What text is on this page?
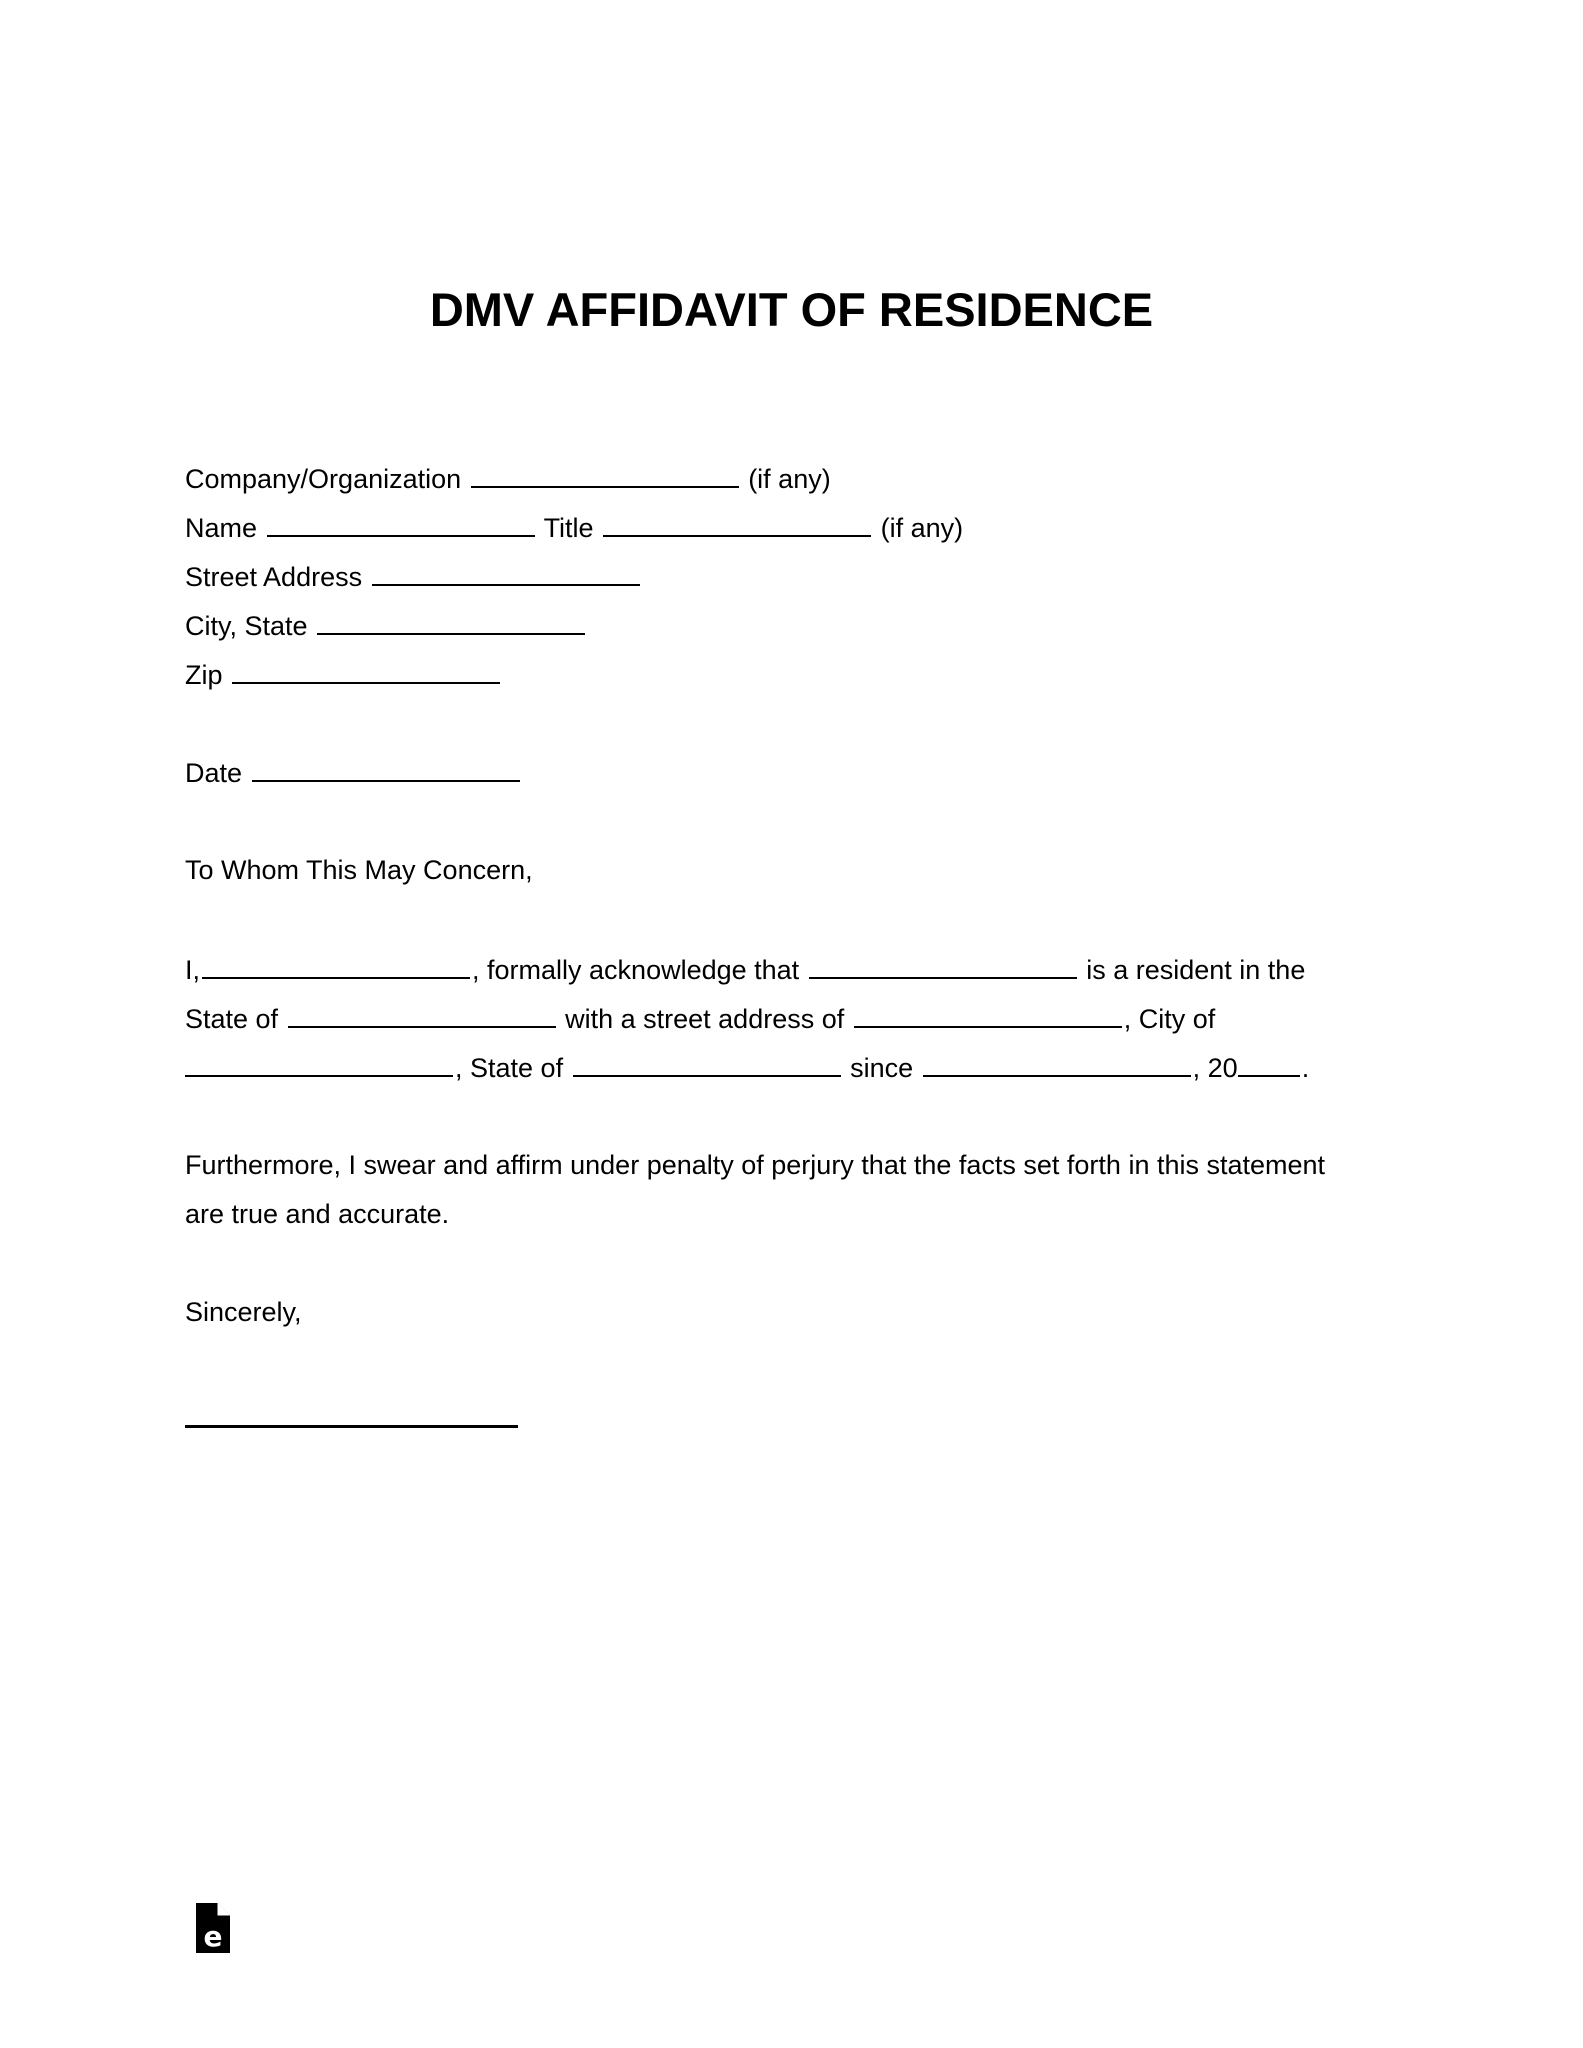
DMV AFFIDAVIT OF RESIDENCE
Company/Organization	(if any)
Name	Title	(if any)
Street Address
City, State
Zip
Date
To Whom This May Concern,
I,	, formally acknowledge that	is a resident in the
State of	with a street address of	, City of
, State of	since	, 20 .
Furthermore, I swear and affirm under penalty of perjury that the facts set forth in this statement
are true and accurate.
Sincerely,
e
